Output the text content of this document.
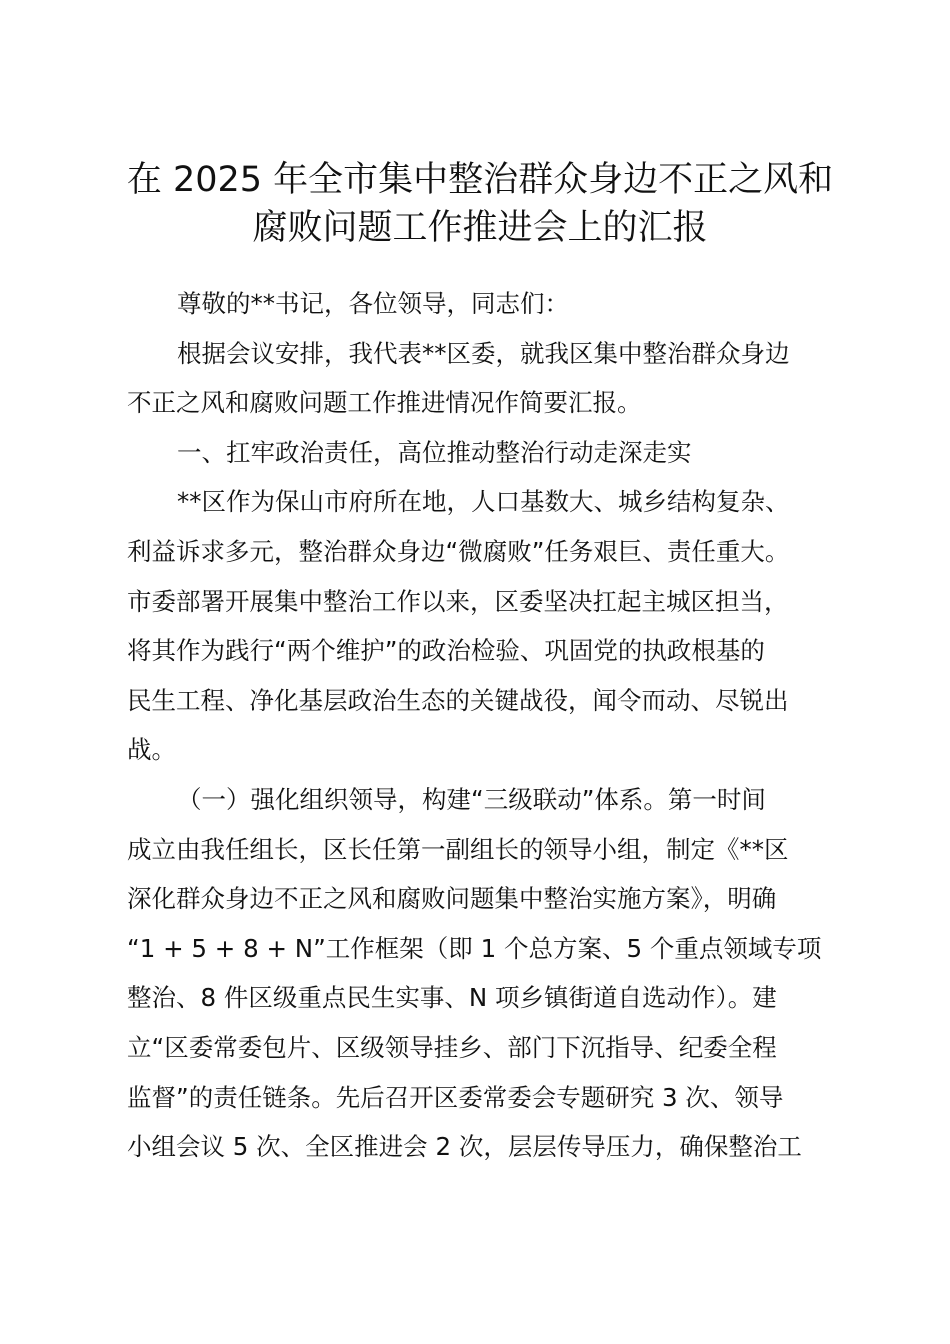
在 2025 年全市集中整治群众身边不正之风和
腐败问题工作推进会上的汇报
尊敬的**书记，各位领导，同志们：
根据会议安排，我代表**区委，就我区集中整治群众身边
不正之风和腐败问题工作推进情况作简要汇报。
一、扛牢政治责任，高位推动整治行动走深走实
**区作为保山市府所在地，人口基数大、城乡结构复杂、
利益诉求多元，整治群众身边“微腐败”任务艰巨、责任重大。
市委部署开展集中整治工作以来，区委坚决扛起主城区担当，
将其作为践行“两个维护”的政治检验、巩固党的执政根基的
民生工程、净化基层政治生态的关键战役，闻令而动、尽锐出
战。
（一）强化组织领导，构建“三级联动”体系。第一时间
成立由我任组长，区长任第一副组长的领导小组，制定《**区
深化群众身边不正之风和腐败问题集中整治实施方案》，明确
“1 + 5 + 8 + N”工作框架（即 1 个总方案、5 个重点领域专项
整治、8 件区级重点民生实事、N 项乡镇街道自选动作）。建
立“区委常委包片、区级领导挂乡、部门下沉指导、纪委全程
监督”的责任链条。先后召开区委常委会专题研究 3 次、领导
小组会议 5 次、全区推进会 2 次，层层传导压力，确保整治工
